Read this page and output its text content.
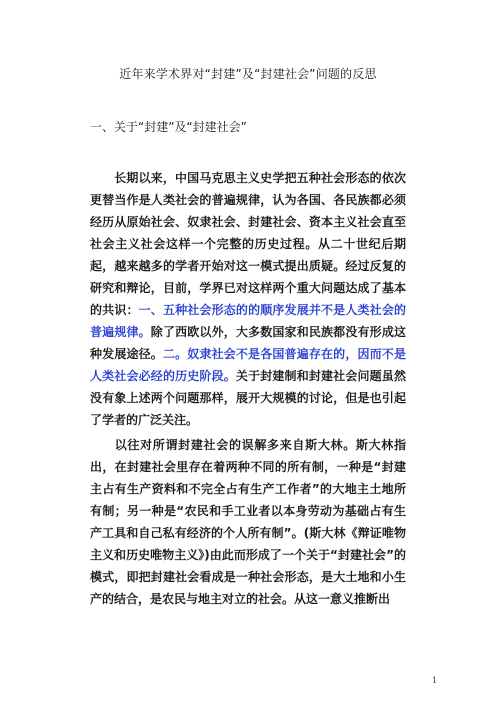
近年来学术界对“封建”及“封建社会”问题的反思
一、关于“封建”及“封建社会”
长期以来，中国马克思主义史学把五种社会形态的依次更替当作是人类社会的普遍规律，认为各国、各民族都必须经历从原始社会、奴隶社会、封建社会、资本主义社会直至社会主义社会这样一个完整的历史过程。从二十世纪后期起，越来越多的学者开始对这一模式提出质疑。经过反复的研究和辩论，目前，学界已对这样两个重大问题达成了基本的共识：一、五种社会形态的的顺序发展并不是人类社会的普遍规律。除了西欧以外，大多数国家和民族都没有形成这种发展途径。二。奴隶社会不是各国普遍存在的，因而不是人类社会必经的历史阶段。关于封建制和封建社会问题虽然没有象上述两个问题那样，展开大规模的讨论，但是也引起了学者的广泛关注。
以往对所谓封建社会的误解多来自斯大林。斯大林指出，在封建社会里存在着两种不同的所有制，一种是“封建主占有生产资料和不完全占有生产工作者”的大地主土地所有制；另一种是“农民和手工业者以本身劳动为基础占有生产工具和自己私有经济的个人所有制”。(斯大林《辩证唯物主义和历史唯物主义》)由此而形成了一个关于“封建社会”的模式，即把封建社会看成是一种社会形态，是大土地和小生产的结合，是农民与地主对立的社会。从这一意义推断出
1
